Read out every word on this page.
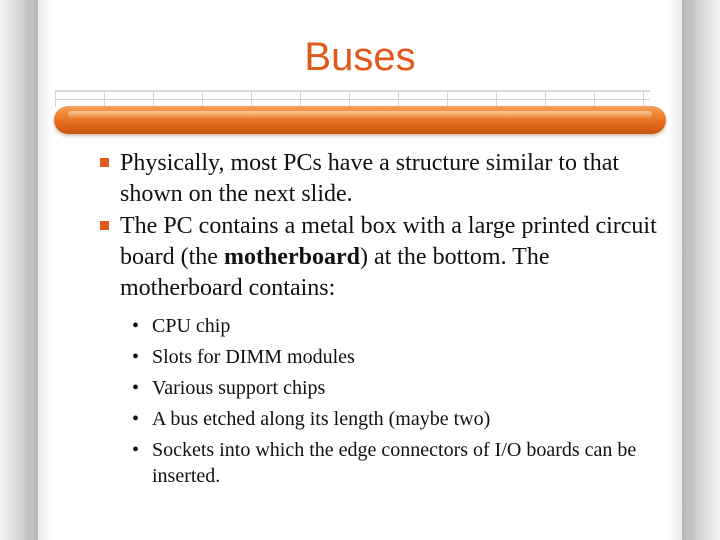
Buses
Physically, most PCs have a structure similar to that shown on the next slide.
The PC contains a metal box with a large printed circuit board (the motherboard) at the bottom. The motherboard contains:
• CPU chip
• Slots for DIMM modules
• Various support chips
• A bus etched along its length (maybe two)
• Sockets into which the edge connectors of I/O boards can be inserted.
